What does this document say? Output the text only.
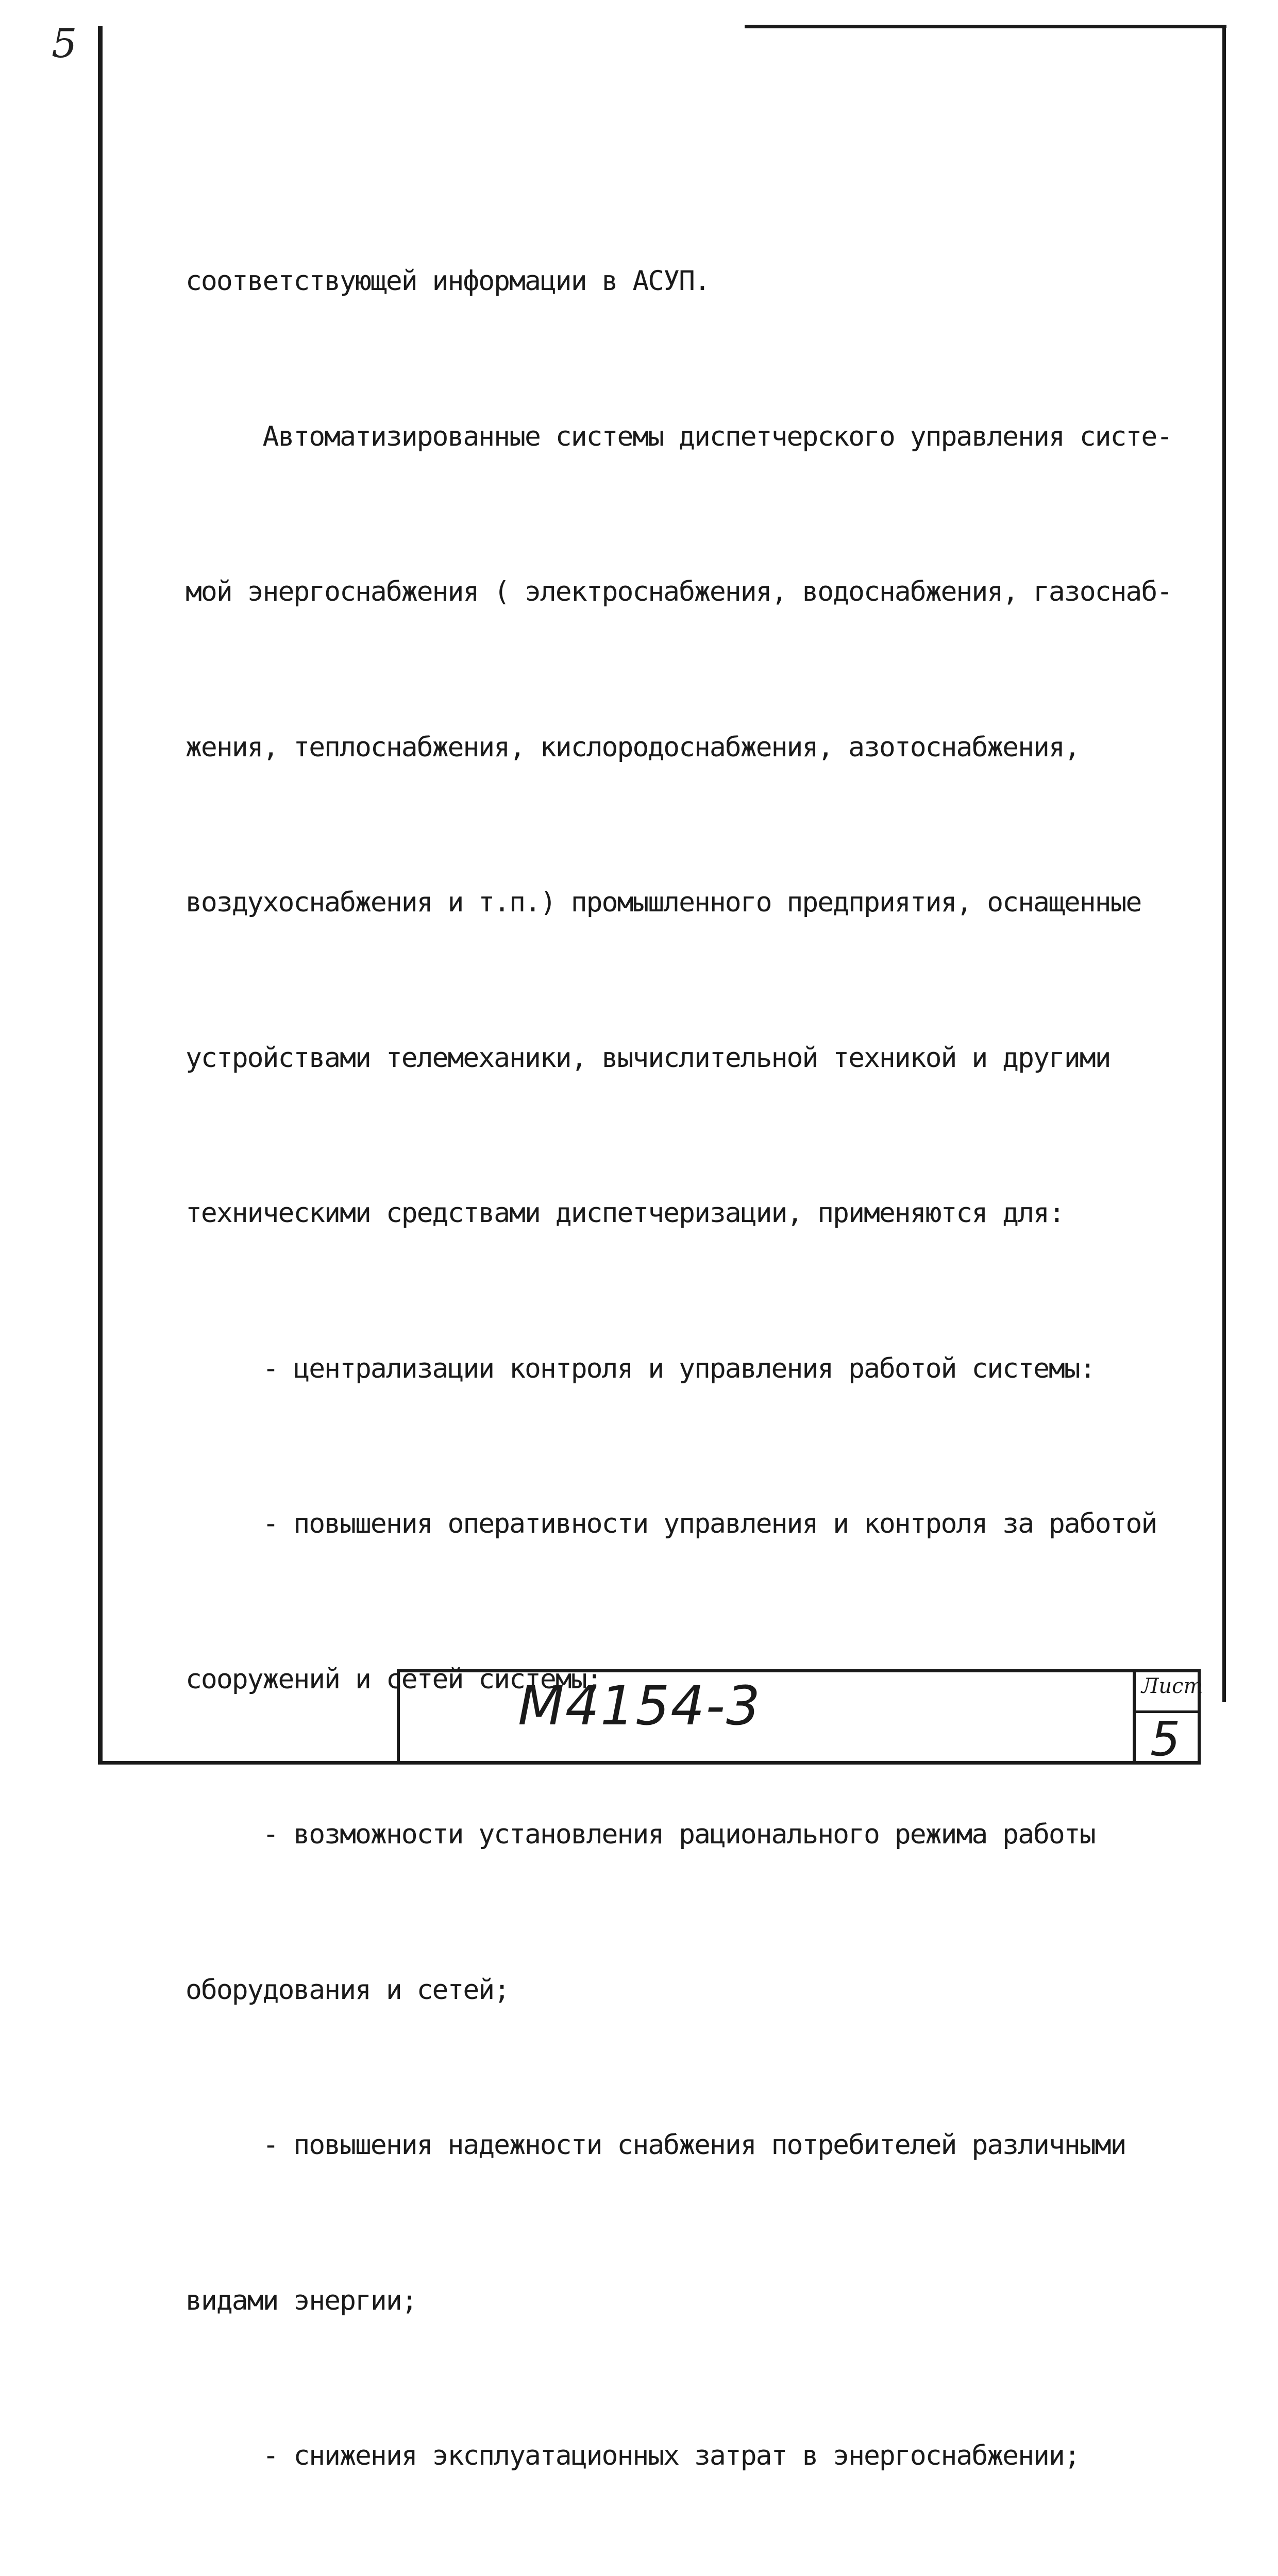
5

соответствующей информации в АСУП.

Автоматизированные системы диспетчерского управления систе-

мой энергоснабжения ( электроснабжения, водоснабжения, газоснаб-

жения, теплоснабжения, кислородоснабжения, азотоснабжения,

воздухоснабжения и т.п.) промышленного предприятия, оснащенные

устройствами телемеханики, вычислительной техникой и другими

техническими средствами диспетчеризации, применяются для:

- централизации контроля и управления работой системы:

- повышения оперативности управления и контроля за работой

сооружений и сетей системы;

- возможности установления рационального режима работы

оборудования и сетей;

- повышения надежности снабжения потребителей различными

видами энергии;

- снижения эксплуатационных затрат в энергоснабжении;

М4154-3	Лист
5
